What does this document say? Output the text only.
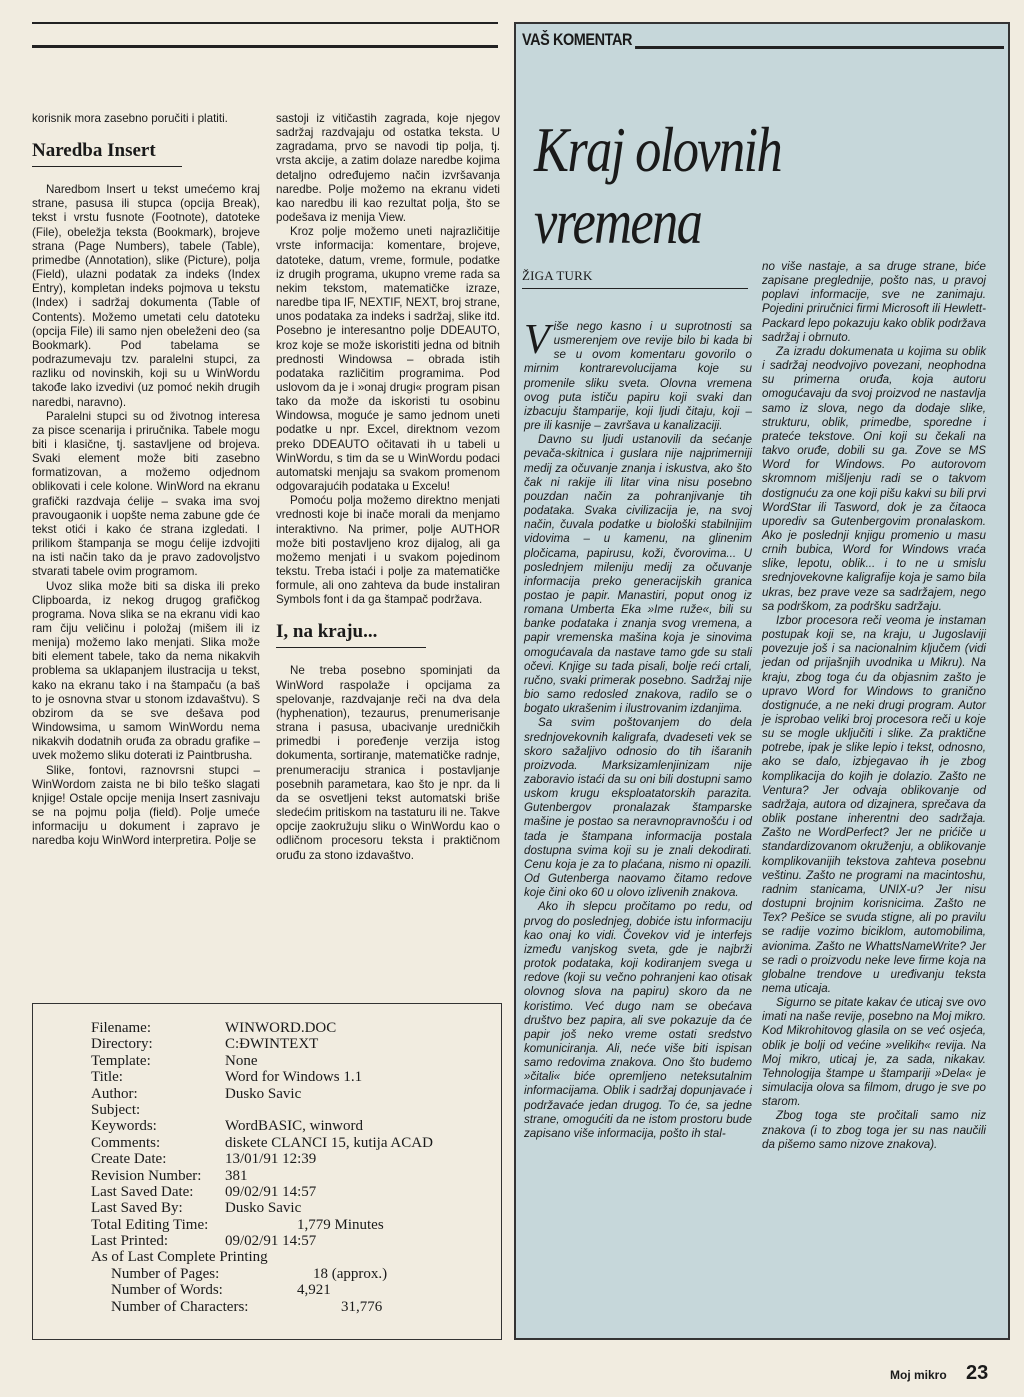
korisnik mora zasebno poručiti i platiti.

Naredba Insert

Naredbom Insert u tekst umećemo kraj strane, pasusa ili stupca (opcija Break), tekst i vrstu fusnote (Footnote), datoteke (File), obeležja teksta (Bookmark), brojeve strana (Page Numbers), tabele (Table), primedbe (Annotation), slike (Picture), polja (Field), ulazni podatak za indeks (Index Entry), kompletan indeks pojmova u tekstu (Index) i sadržaj dokumenta (Table of Contents). Možemo umetati celu datoteku (opcija File) ili samo njen obeleženi deo (sa Bookmark). Pod tabelama se podrazumevaju tzv. paralelni stupci, za razliku od novinskih, koji su u WinWordu takođe lako izvedivi (uz pomoć nekih drugih naredbi, naravno).

Paralelni stupci su od životnog interesa za pisce scenarija i priručnika. Tabele mogu biti i klasične, tj. sastavljene od brojeva. Svaki element može biti zasebno formatizovan, a možemo odjednom oblikovati i cele kolone. WinWord na ekranu grafički razdvaja ćelije – svaka ima svoj pravougaonik i uopšte nema zabune gde će tekst otići i kako će strana izgledati. I prilikom štampanja se mogu ćelije izdvojiti na isti način tako da je pravo zadovoljstvo stvarati tabele ovim programom.

Uvoz slika može biti sa diska ili preko Clipboarda, iz nekog drugog grafičkog programa. Nova slika se na ekranu vidi kao ram čiju veličinu i položaj (mišem ili iz menija) možemo lako menjati. Slika može biti element tabele, tako da nema nikakvih problema sa uklapanjem ilustracija u tekst, kako na ekranu tako i na štampaču (a baš to je osnovna stvar u stonom izdavaštvu). S obzirom da se sve dešava pod Windowsima, u samom WinWordu nema nikakvih dodatnih oruđa za obradu grafike – uvek možemo sliku doterati iz Paintbrusha.

Slike, fontovi, raznovrsni stupci – WinWordom zaista ne bi bilo teško slagati knjige! Ostale opcije menija Insert zasnivaju se na pojmu polja (field). Polje umeće informaciju u dokument i zapravo je naredba koju WinWord interpretira. Polje se

sastoji iz vitičastih zagrada, koje njegov sadržaj razdvajaju od ostatka teksta. U zagradama, prvo se navodi tip polja, tj. vrsta akcije, a zatim dolaze naredbe kojima detaljno određujemo način izvršavanja naredbe. Polje možemo na ekranu videti kao naredbu ili kao rezultat polja, što se podešava iz menija View.

Kroz polje možemo uneti najrazličitije vrste informacija: komentare, brojeve, datoteke, datum, vreme, formule, podatke iz drugih programa, ukupno vreme rada sa nekim tekstom, matematičke izraze, naredbe tipa IF, NEXTIF, NEXT, broj strane, unos podataka za indeks i sadržaj, slike itd. Posebno je interesantno polje DDEAUTO, kroz koje se može iskoristiti jedna od bitnih prednosti Windowsa – obrada istih podataka različitim programima. Pod uslovom da je i »onaj drugi« program pisan tako da može da iskoristi tu osobinu Windowsa, moguće je samo jednom uneti podatke u npr. Excel, direktnom vezom preko DDEAUTO očitavati ih u tabeli u WinWordu, s tim da se u WinWordu podaci automatski menjaju sa svakom promenom odgovarajućih podataka u Excelu!

Pomoću polja možemo direktno menjati vrednosti koje bi inače morali da menjamo interaktivno. Na primer, polje AUTHOR može biti postavljeno kroz dijalog, ali ga možemo menjati i u svakom pojedinom tekstu. Treba istaći i polje za matematičke formule, ali ono zahteva da bude instaliran Symbols font i da ga štampač podržava.

I, na kraju...

Ne treba posebno spominjati da WinWord raspolaže i opcijama za spelovanje, razdvajanje reči na dva dela (hyphenation), tezaurus, prenumerisanje strana i pasusa, ubacivanje uredničkih primedbi i poređenje verzija istog dokumenta, sortiranje, matematičke radnje, prenumeraciju stranica i postavljanje posebnih parametara, kao što je npr. da li da se osvetljeni tekst automatski briše sledećim pritiskom na tastaturu ili ne. Takve opcije zaokružuju sliku o WinWordu kao o odličnom procesoru teksta i praktičnom oruđu za stono izdavaštvo.

Filename:	WINWORD.DOC
Directory:	C:ĐWINTEXT
Template:	None
Title:	Word for Windows 1.1
Author:	Dusko Savic
Subject:
Keywords:	WordBASIC, winword
Comments:	diskete CLANCI 15, kutija ACAD
Create Date:	13/01/91 12:39
Revision Number: 381
Last Saved Date: 09/02/91 14:57
Last Saved By:	Dusko Savic
Total Editing Time:	1,779 Minutes
Last Printed:	09/02/91 14:57
As of Last Complete Printing
Number of Pages:	18 (approx.)
Number of Words:	4,921
Number of Characters:	31,776
VAŠ KOMENTAR
Kraj olovnih
vremena
ŽIGA TURK

Više nego kasno i u suprotnosti sa usmerenjem ove revije bilo bi kada bi se u ovom komentaru govorilo o mirnim kontrarevolucijama koje su promenile sliku sveta. Olovna vremena ovog puta ističu papiru koji svaki dan izbacuju štamparije, koji ljudi čitaju, koji – pre ili kasnije – završava u kanalizaciji.

Davno su ljudi ustanovili da sećanje pevača-skitnica i guslara nije najprimerniji medij za očuvanje znanja i iskustva, ako što čak ni rakije ili litar vina nisu posebno pouzdan način za pohranjivanje tih podataka. Svaka civilizacija je, na svoj način, čuvala podatke u biološki stabilnijim vidovima – u kamenu, na glinenim pločicama, papirusu, koži, čvorovima... U poslednjem mileniju medij za očuvanje informacija preko generacijskih granica postao je papir. Manastiri, poput onog iz romana Umberta Eka »Ime ruže«, bili su banke podataka i znanja svog vremena, a papir vremenska mašina koja je sinovima omogućavala da nastave tamo gde su stali očevi. Knjige su tada pisali, bolje reći crtali, ručno, svaki primerak posebno. Sadržaj nije bio samo redosled znakova, radilo se o bogato ukrašenim i ilustrovanim izdanjima.

Sa svim poštovanjem do dela srednjovekovnih kaligrafa, dvadeseti vek se skoro sažaljivo odnosio do tih išaranih proizvoda. Marksizamlenjinizam nije zaboravio istaći da su oni bili dostupni samo uskom krugu eksploatatorskih parazita. Gutenbergov pronalazak štamparske mašine je postao sa neravnopravnošću i od tada je štampana informacija postala dostupna svima koji su je znali dekodirati. Cenu koja je za to plaćana, nismo ni opazili. Od Gutenberga naovamo čitamo redove koje čini oko 60 u olovo izlivenih znakova.

Ako ih slepcu pročitamo po redu, od prvog do poslednjeg, dobiće istu informaciju kao onaj ko vidi. Čovekov vid je interfejs između vanjskog sveta, gde je najbrži protok podataka, koji kodiranjem svega u redove (koji su večno pohranjeni kao otisak olovnog slova na papiru) skoro da ne koristimo. Već dugo nam se obećava društvo bez papira, ali sve pokazuje da će papir još neko vreme ostati sredstvo komuniciranja. Ali, neće više biti ispisan samo redovima znakova. Ono što budemo »čitali« biće opremljeno neteksutalnim informacijama. Oblik i sadržaj dopunjavaće i podržavaće jedan drugog. To će, sa jedne strane, omogućiti da ne istom prostoru bude zapisano više informacija, pošto ih stal-

no više nastaje, a sa druge strane, biće zapisane preglednije, pošto nas, u pravoj poplavi informacije, sve ne zanimaju. Pojedini priručnici firmi Microsoft ili Hewlett-Packard lepo pokazuju kako oblik podržava sadržaj i obrnuto.

Za izradu dokumenata u kojima su oblik i sadržaj neodvojivo povezani, neophodna su primerna oruđa, koja autoru omogućavaju da svoj proizvod ne nastavlja samo iz slova, nego da dodaje slike, strukturu, oblik, primedbe, sporedne i prateće tekstove. Oni koji su čekali na takvo oruđe, dobili su ga. Zove se MS Word for Windows. Po autorovom skromnom mišljenju radi se o takvom dostignuću za one koji pišu kakvi su bili prvi WordStar ili Tasword, dok je za čitaoca uporediv sa Gutenbergovim pronalaskom. Ako je poslednji knjigu promenio u masu crnih bubica, Word for Windows vraća slike, lepotu, oblik... i to ne u smislu srednjovekovne kaligrafije koja je samo bila ukras, bez prave veze sa sadržajem, nego sa podrškom, za podršku sadržaju.

Izbor procesora reči veoma je instaman postupak koji se, na kraju, u Jugoslaviji povezuje još i sa nacionalnim ključem (vidi jedan od prijašnjih uvodnika u Mikru). Na kraju, zbog toga ću da objasnim zašto je upravo Word for Windows to granično dostignuće, a ne neki drugi program. Autor je isprobao veliki broj procesora reči u koje su se mogle uključiti i slike. Za praktične potrebe, ipak je slike lepio i tekst, odnosno, ako se dalo, izbjegavao ih je zbog komplikacija do kojih je dolazio. Zašto ne Ventura? Jer odvaja oblikovanje od sadržaja, autora od dizajnera, sprečava da oblik postane inherentni deo sadržaja. Zašto ne WordPerfect? Jer ne prićiče u standardizovanom okruženju, a oblikovanje komplikovanijih tekstova zahteva posebnu veštinu. Zašto ne programi na macintoshu, radnim stanicama, UNIX-u? Jer nisu dostupni brojnim korisnicima. Zašto ne Tex? Pešice se svuda stigne, ali po pravilu se radije vozimo biciklom, automobilima, avionima. Zašto ne WhattsNameWrite? Jer se radi o proizvodu neke leve firme koja na globalne trendove u uređivanju teksta nema uticaja.

Sigurno se pitate kakav će uticaj sve ovo imati na naše revije, posebno na Moj mikro. Kod Mikrohitovog glasila on se već osjeća, oblik je bolji od većine »velikih« revija. Na Moj mikro, uticaj je, za sada, nikakav. Tehnologija štampe u štampariji »Dela« je simulacija olova sa filmom, drugo je sve po starom.

Zbog toga ste pročitali samo niz znakova (i to zbog toga jer su nas naučili da pišemo samo nizove znakova).

Moj mikro 23
